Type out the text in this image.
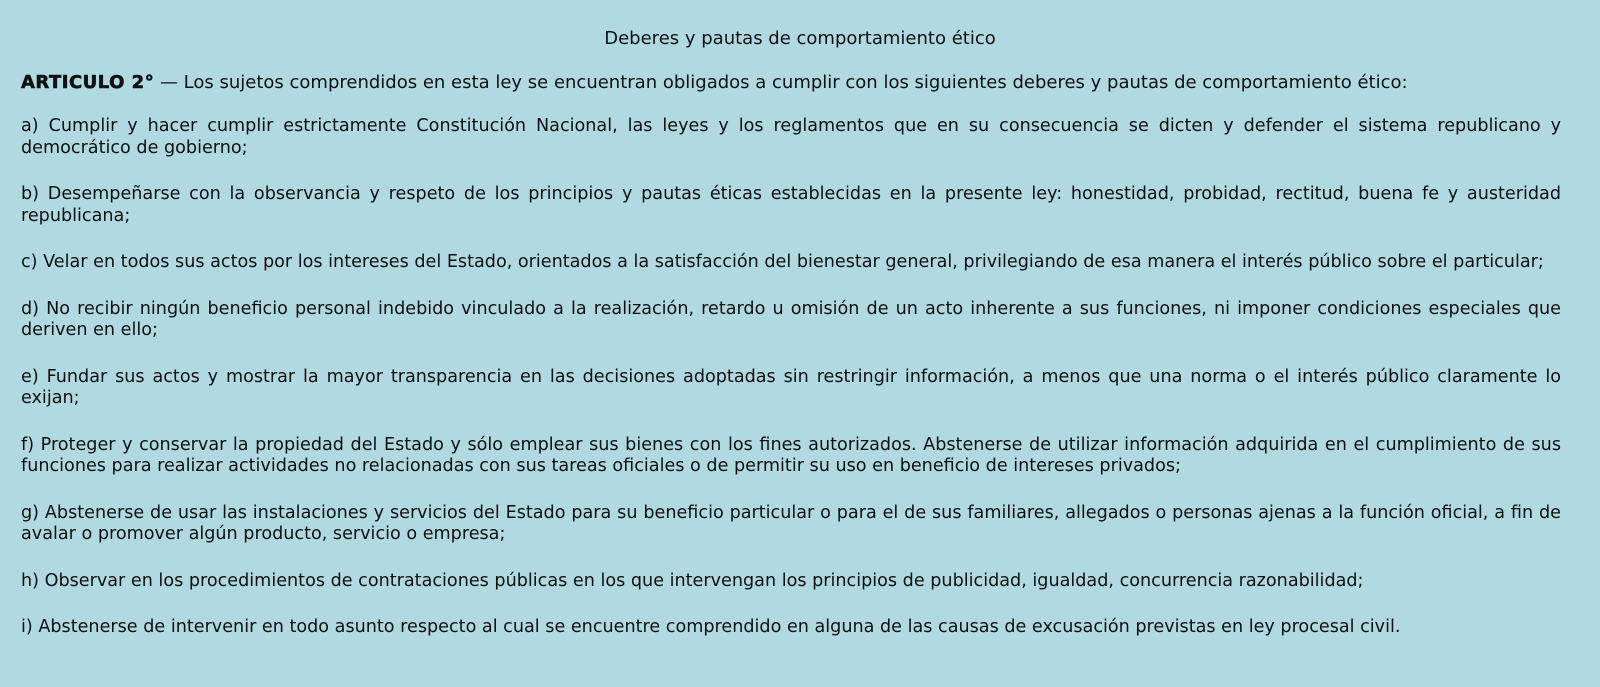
Deberes y pautas de comportamiento ético
ARTICULO 2° — Los sujetos comprendidos en esta ley se encuentran obligados a cumplir con los siguientes deberes y pautas de comportamiento ético:

a) Cumplir y hacer cumplir estrictamente Constitución Nacional, las leyes y los reglamentos que en su consecuencia se dicten y defender el sistema republicano y democrático de gobierno;

b) Desempeñarse con la observancia y respeto de los principios y pautas éticas establecidas en la presente ley: honestidad, probidad, rectitud, buena fe y austeridad republicana;

c) Velar en todos sus actos por los intereses del Estado, orientados a la satisfacción del bienestar general, privilegiando de esa manera el interés público sobre el particular;

d) No recibir ningún beneficio personal indebido vinculado a la realización, retardo u omisión de un acto inherente a sus funciones, ni imponer condiciones especiales que deriven en ello;

e) Fundar sus actos y mostrar la mayor transparencia en las decisiones adoptadas sin restringir información, a menos que una norma o el interés público claramente lo exijan;

f) Proteger y conservar la propiedad del Estado y sólo emplear sus bienes con los fines autorizados. Abstenerse de utilizar información adquirida en el cumplimiento de sus funciones para realizar actividades no relacionadas con sus tareas oficiales o de permitir su uso en beneficio de intereses privados;

g) Abstenerse de usar las instalaciones y servicios del Estado para su beneficio particular o para el de sus familiares, allegados o personas ajenas a la función oficial, a fin de avalar o promover algún producto, servicio o empresa;

h) Observar en los procedimientos de contrataciones públicas en los que intervengan los principios de publicidad, igualdad, concurrencia razonabilidad;

i) Abstenerse de intervenir en todo asunto respecto al cual se encuentre comprendido en alguna de las causas de excusación previstas en ley procesal civil.
